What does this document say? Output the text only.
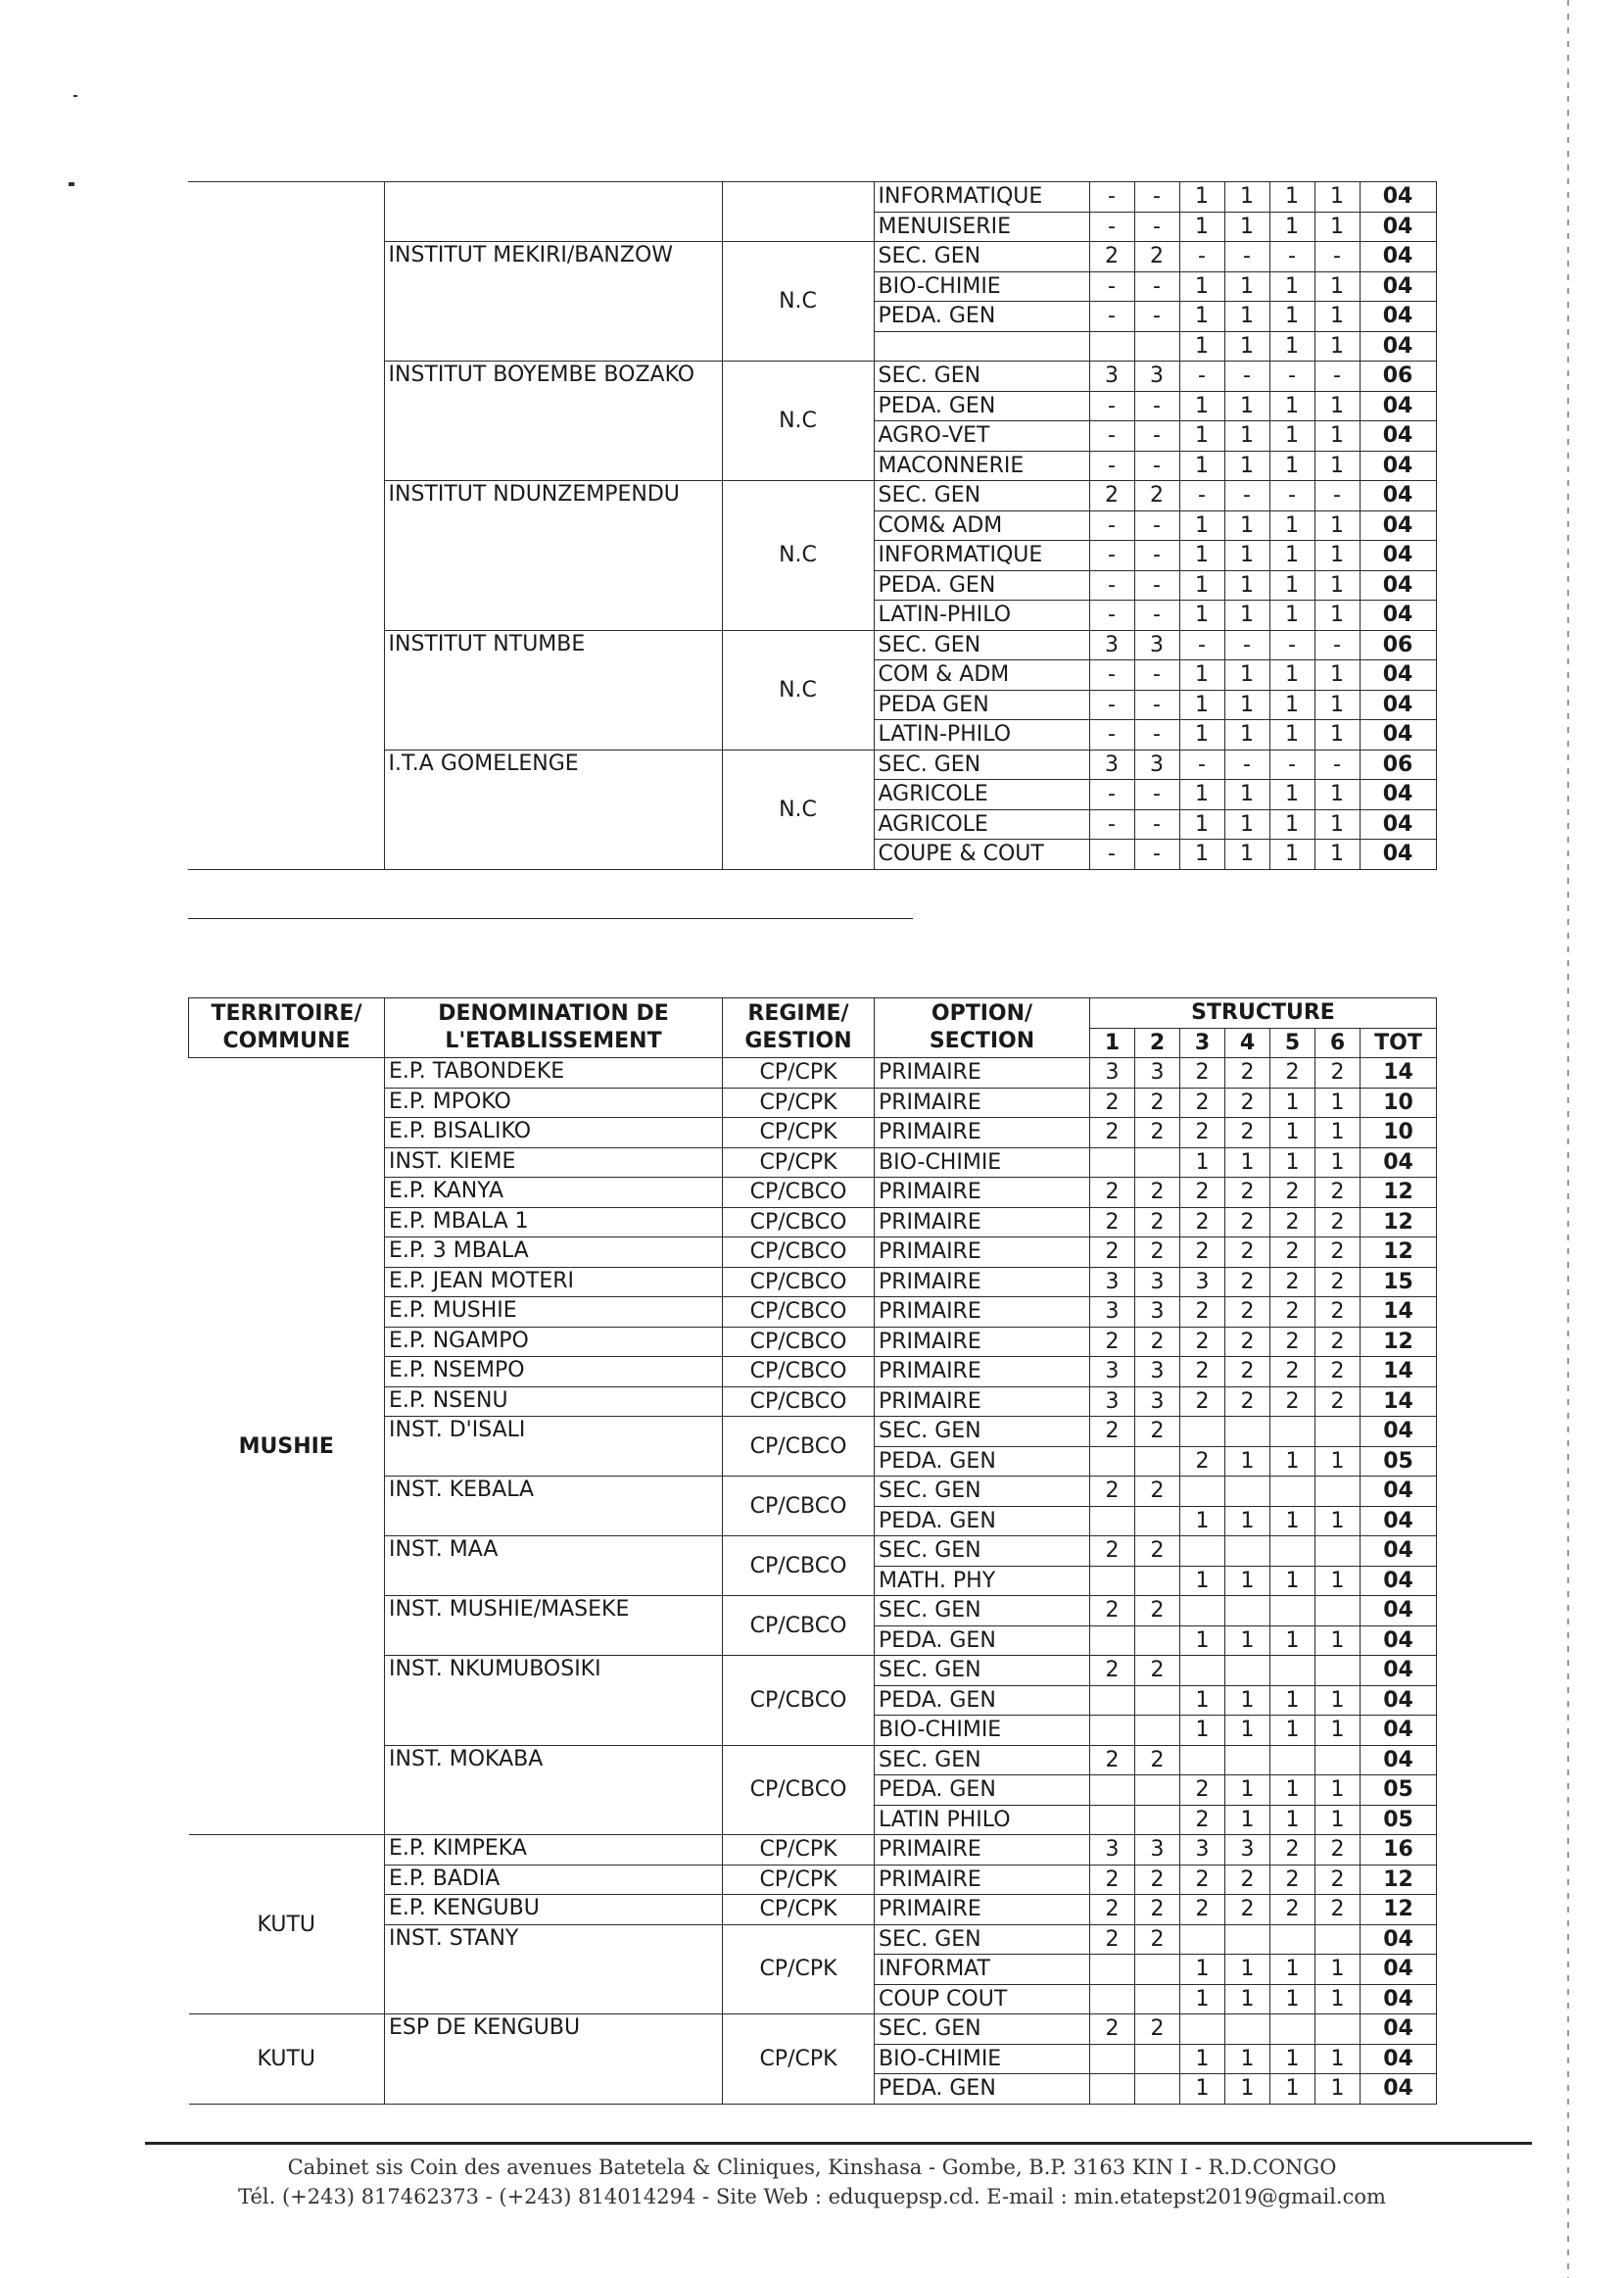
			INFORMATIQUE	-	-	1	1	1	1	04
			MENUISERIE	-	-	1	1	1	1	04
	INSTITUT MEKIRI/BANZOW	N.C	SEC. GEN	2	2	-	-	-	-	04
			BIO-CHIMIE	-	-	1	1	1	1	04
			PEDA. GEN	-	-	1	1	1	1	04
						1	1	1	1	04
	INSTITUT BOYEMBE BOZAKO	N.C	SEC. GEN	3	3	-	-	-	-	06
			PEDA. GEN	-	-	1	1	1	1	04
			AGRO-VET	-	-	1	1	1	1	04
			MACONNERIE	-	-	1	1	1	1	04
	INSTITUT NDUNZEMPENDU	N.C	SEC. GEN	2	2	-	-	-	-	04
			COM& ADM	-	-	1	1	1	1	04
			INFORMATIQUE	-	-	1	1	1	1	04
			PEDA. GEN	-	-	1	1	1	1	04
			LATIN-PHILO	-	-	1	1	1	1	04
	INSTITUT NTUMBE	N.C	SEC. GEN	3	3	-	-	-	-	06
			COM & ADM	-	-	1	1	1	1	04
			PEDA GEN	-	-	1	1	1	1	04
			LATIN-PHILO	-	-	1	1	1	1	04
	I.T.A GOMELENGE	N.C	SEC. GEN	3	3	-	-	-	-	06
			AGRICOLE	-	-	1	1	1	1	04
			AGRICOLE	-	-	1	1	1	1	04
			COUPE & COUT	-	-	1	1	1	1	04
TERRITOIRE/ COMMUNE	DENOMINATION DE L'ETABLISSEMENT	REGIME/ GESTION	OPTION/ SECTION	STRUCTURE						
				1	2	3	4	5	6	TOT
MUSHIE	E.P. TABONDEKE	CP/CPK	PRIMAIRE	3	3	2	2	2	2	14
	E.P. MPOKO	CP/CPK	PRIMAIRE	2	2	2	2	1	1	10
	E.P. BISALIKO	CP/CPK	PRIMAIRE	2	2	2	2	1	1	10
	INST. KIEME	CP/CPK	BIO-CHIMIE			1	1	1	1	04
	E.P. KANYA	CP/CBCO	PRIMAIRE	2	2	2	2	2	2	12
	E.P. MBALA 1	CP/CBCO	PRIMAIRE	2	2	2	2	2	2	12
	E.P. 3 MBALA	CP/CBCO	PRIMAIRE	2	2	2	2	2	2	12
	E.P. JEAN MOTERI	CP/CBCO	PRIMAIRE	3	3	3	2	2	2	15
	E.P. MUSHIE	CP/CBCO	PRIMAIRE	3	3	2	2	2	2	14
	E.P. NGAMPO	CP/CBCO	PRIMAIRE	2	2	2	2	2	2	12
	E.P. NSEMPO	CP/CBCO	PRIMAIRE	3	3	2	2	2	2	14
	E.P. NSENU	CP/CBCO	PRIMAIRE	3	3	2	2	2	2	14
	INST. D'ISALI	CP/CBCO	SEC. GEN	2	2					04
			PEDA. GEN			2	1	1	1	05
	INST. KEBALA	CP/CBCO	SEC. GEN	2	2					04
			PEDA. GEN			1	1	1	1	04
	INST. MAA	CP/CBCO	SEC. GEN	2	2					04
			MATH. PHY			1	1	1	1	04
	INST. MUSHIE/MASEKE	CP/CBCO	SEC. GEN	2	2					04
			PEDA. GEN			1	1	1	1	04
	INST. NKUMUBOSIKI	CP/CBCO	SEC. GEN	2	2					04
			PEDA. GEN			1	1	1	1	04
			BIO-CHIMIE			1	1	1	1	04
	INST. MOKABA	CP/CBCO	SEC. GEN	2	2					04
			PEDA. GEN			2	1	1	1	05
			LATIN PHILO			2	1	1	1	05
KUTU	E.P. KIMPEKA	CP/CPK	PRIMAIRE	3	3	3	3	2	2	16
	E.P. BADIA	CP/CPK	PRIMAIRE	2	2	2	2	2	2	12
	E.P. KENGUBU	CP/CPK	PRIMAIRE	2	2	2	2	2	2	12
	INST. STANY	CP/CPK	SEC. GEN	2	2					04
			INFORMAT			1	1	1	1	04
			COUP COUT			1	1	1	1	04
KUTU	ESP DE KENGUBU	CP/CPK	SEC. GEN	2	2					04
			BIO-CHIMIE			1	1	1	1	04
			PEDA. GEN			1	1	1	1	04
Cabinet sis Coin des avenues Batetela & Cliniques, Kinshasa - Gombe, B.P. 3163 KIN I - R.D.CONGO
Tél. (+243) 817462373 - (+243) 814014294 - Site Web : eduquepsp.cd. E-mail : min.etatepst2019@gmail.com
